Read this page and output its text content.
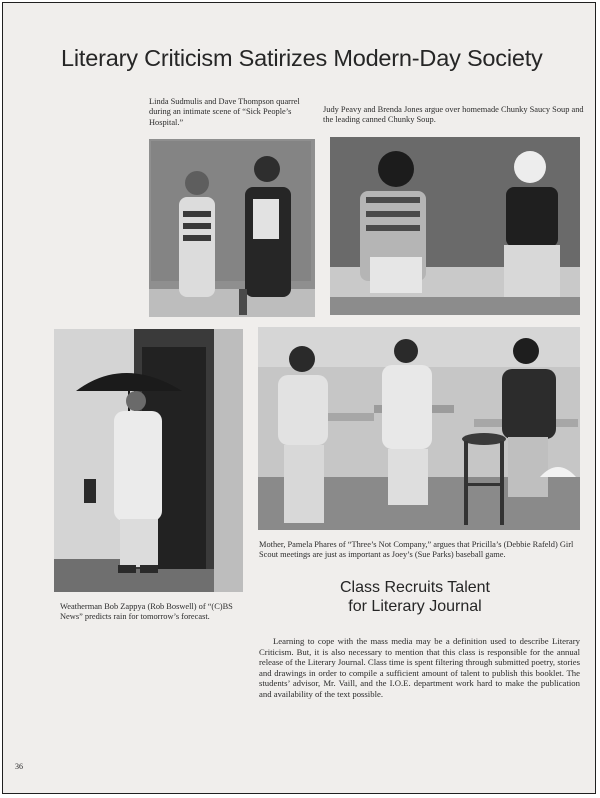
Literary Criticism Satirizes Modern-Day Society

Linda Sudmulis and Dave Thompson quarrel during an intimate scene of “Sick People’s Hospital.”

Judy Peavy and Brenda Jones argue over homemade Chunky Saucy Soup and the leading canned Chunky Soup.

Mother, Pamela Phares of “Three’s Not Company,” argues that Pricilla’s (Debbie Rafeld) Girl Scout meetings are just as important as Joey’s (Sue Parks) baseball game.

Weatherman Bob Zappya (Rob Boswell) of “(C)BS News” predicts rain for tomorrow’s forecast.

Class Recruits Talent
for Literary Journal

Learning to cope with the mass media may be a definition used to describe Literary Criticism. But, it is also necessary to mention that this class is responsible for the annual release of the Literary Journal. Class time is spent filtering through submitted poetry, stories and drawings in order to compile a sufficient amount of talent to publish this booklet. The students’ advisor, Mr. Vaill, and the I.O.E. department work hard to make the publication and availability of the text possible.

36
